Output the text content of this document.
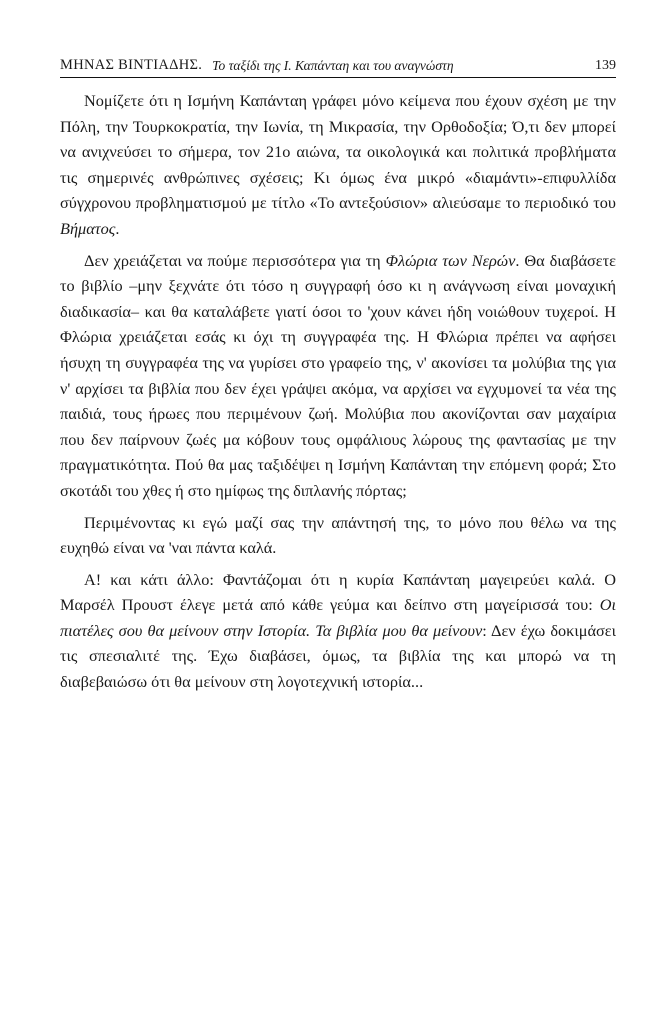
ΜΗΝΑΣ ΒΙΝΤΙΑΔΗΣ. Το ταξίδι της Ι. Καπάνταη και του αναγνώστη	139

Νομίζετε ότι η Ισμήνη Καπάνταη γράφει μόνο κείμενα που έχουν σχέση με την Πόλη, την Τουρκοκρατία, την Ιωνία, τη Μικρασία, την Ορθοδοξία; Ό,τι δεν μπορεί να ανιχνεύσει το σήμερα, τον 21ο αιώνα, τα οικολογικά και πολιτικά προβλήματα τις σημερινές ανθρώπινες σχέσεις; Κι όμως ένα μικρό «διαμάντι»-επιφυλλίδα σύγχρονου προβληματισμού με τίτλο «Το αντεξούσιον» αλιεύσαμε το περιοδικό του Βήματος.

Δεν χρειάζεται να πούμε περισσότερα για τη Φλώρια των Νερών. Θα διαβάσετε το βιβλίο –μην ξεχνάτε ότι τόσο η συγγραφή όσο κι η ανάγνωση είναι μοναχική διαδικασία– και θα καταλάβετε γιατί όσοι το 'χουν κάνει ήδη νοιώθουν τυχεροί. Η Φλώρια χρειάζεται εσάς κι όχι τη συγγραφέα της. Η Φλώρια πρέπει να αφήσει ήσυχη τη συγγραφέα της να γυρίσει στο γραφείο της, ν' ακονίσει τα μολύβια της για ν' αρχίσει τα βιβλία που δεν έχει γράψει ακόμα, να αρχίσει να εγχυμονεί τα νέα της παιδιά, τους ήρωες που περιμένουν ζωή. Μολύβια που ακονίζονται σαν μαχαίρια που δεν παίρνουν ζωές μα κόβουν τους ομφάλιους λώρους της φαντασίας με την πραγματικότητα. Πού θα μας ταξιδέψει η Ισμήνη Καπάνταη την επόμενη φορά; Στο σκοτάδι του χθες ή στο ημίφως της διπλανής πόρτας;

Περιμένοντας κι εγώ μαζί σας την απάντησή της, το μόνο που θέλω να της ευχηθώ είναι να 'ναι πάντα καλά.

Α! και κάτι άλλο: Φαντάζομαι ότι η κυρία Καπάνταη μαγειρεύει καλά. Ο Μαρσέλ Προυστ έλεγε μετά από κάθε γεύμα και δείπνο στη μαγείρισσά του: Οι πιατέλες σου θα μείνουν στην Ιστορία. Τα βιβλία μου θα μείνουν: Δεν έχω δοκιμάσει τις σπεσιαλιτέ της. Έχω διαβάσει, όμως, τα βιβλία της και μπορώ να τη διαβεβαιώσω ότι θα μείνουν στη λογοτεχνική ιστορία...
